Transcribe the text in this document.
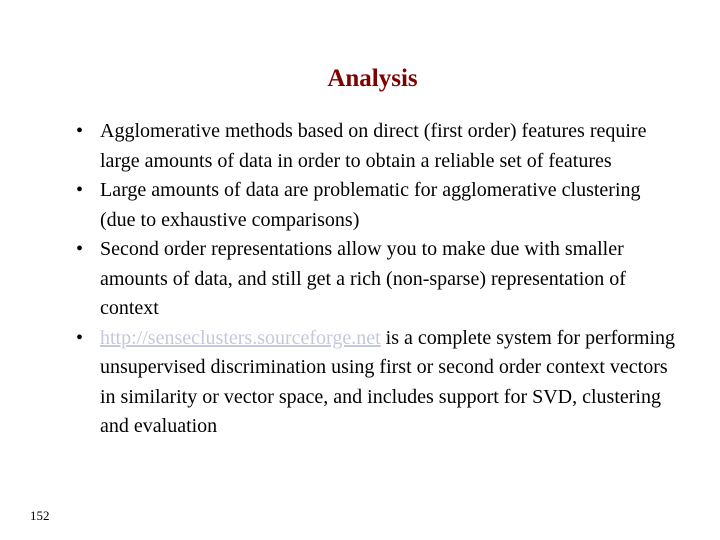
Analysis
• Agglomerative methods based on direct (first order) features require large amounts of data in order to obtain a reliable set of features
• Large amounts of data are problematic for agglomerative clustering (due to exhaustive comparisons)
• Second order representations allow you to make due with smaller amounts of data, and still get a rich (non-sparse) representation of context
• http://senseclusters.sourceforge.net is a complete system for performing unsupervised discrimination using first or second order context vectors in similarity or vector space, and includes support for SVD, clustering and evaluation
152
